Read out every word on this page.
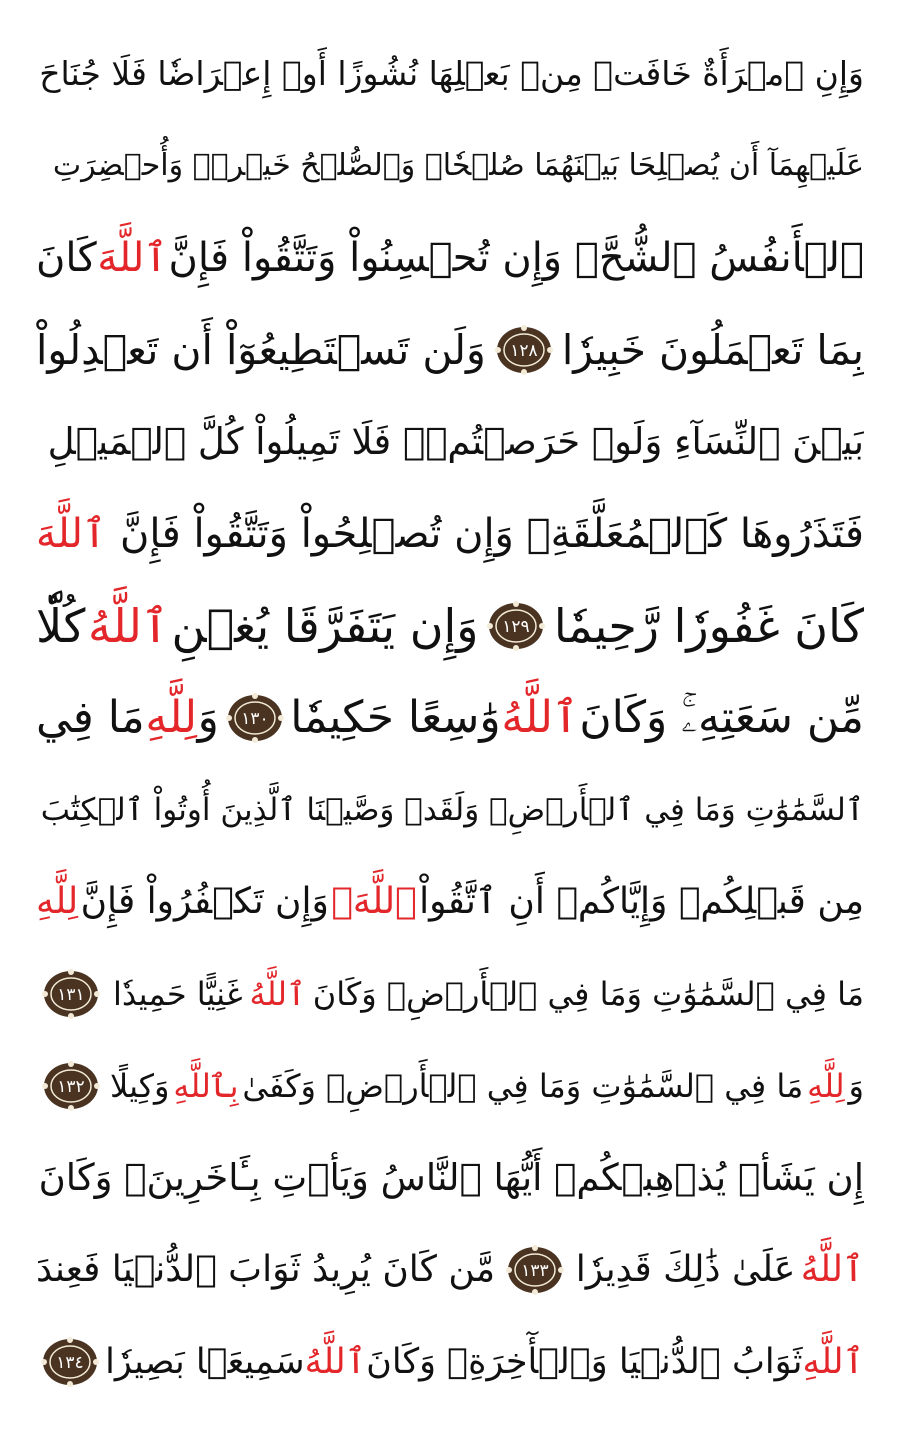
وَإِنِ ٱمۡرَأَةٌ خَافَتۡ مِنۢ بَعۡلِهَا نُشُوزًا أَوۡ إِعۡرَاضٗا فَلَا جُنَاحَ
عَلَيۡهِمَآ أَن يُصۡلِحَا بَيۡنَهُمَا صُلۡحٗاۚ وَٱلصُّلۡحُ خَيۡرٞۗ وَأُحۡضِرَتِ
ٱلۡأَنفُسُ ٱلشُّحَّۚ وَإِن تُحۡسِنُواْ وَتَتَّقُواْ فَإِنَّ
ٱللَّهَ
كَانَ
بِمَا تَعۡمَلُونَ خَبِيرٗا
١٢٨
وَلَن تَسۡتَطِيعُوٓاْ أَن تَعۡدِلُواْ
بَيۡنَ ٱلنِّسَآءِ وَلَوۡ حَرَصۡتُمۡۖ فَلَا تَمِيلُواْ كُلَّ ٱلۡمَيۡلِ
فَتَذَرُوهَا كَٱلۡمُعَلَّقَةِۚ وَإِن تُصۡلِحُواْ وَتَتَّقُواْ فَإِنَّ
ٱللَّهَ
كَانَ غَفُورٗا رَّحِيمٗا
١٢٩
وَإِن يَتَفَرَّقَا يُغۡنِ
ٱللَّهُ
كُلّٗا
مِّن سَعَتِهِۦۚ وَكَانَ
ٱللَّهُ
وَٰسِعًا حَكِيمٗا
١٣٠
وَ
لِلَّهِ
مَا فِي
ٱلسَّمَٰوَٰتِ وَمَا فِي ٱلۡأَرۡضِۗ وَلَقَدۡ وَصَّيۡنَا ٱلَّذِينَ أُوتُواْ ٱلۡكِتَٰبَ
مِن قَبۡلِكُمۡ وَإِيَّاكُمۡ أَنِ ٱتَّقُواْ
ٱللَّهَۚ
وَإِن تَكۡفُرُواْ فَإِنَّ
لِلَّهِ
مَا فِي ٱلسَّمَٰوَٰتِ وَمَا فِي ٱلۡأَرۡضِۚ وَكَانَ
ٱللَّهُ
غَنِيًّا حَمِيدٗا
١٣١
وَ
لِلَّهِ
مَا فِي ٱلسَّمَٰوَٰتِ وَمَا فِي ٱلۡأَرۡضِۚ وَكَفَىٰ
بِٱللَّهِ
وَكِيلًا
١٣٢
إِن يَشَأۡ يُذۡهِبۡكُمۡ أَيُّهَا ٱلنَّاسُ وَيَأۡتِ بِـَٔاخَرِينَۚ وَكَانَ
ٱللَّهُ
عَلَىٰ ذَٰلِكَ قَدِيرٗا
١٣٣
مَّن كَانَ يُرِيدُ ثَوَابَ ٱلدُّنۡيَا فَعِندَ
ٱللَّهِ
ثَوَابُ ٱلدُّنۡيَا وَٱلۡأٓخِرَةِۚ وَكَانَ
ٱللَّهُ
سَمِيعَۢا بَصِيرٗا
١٣٤
